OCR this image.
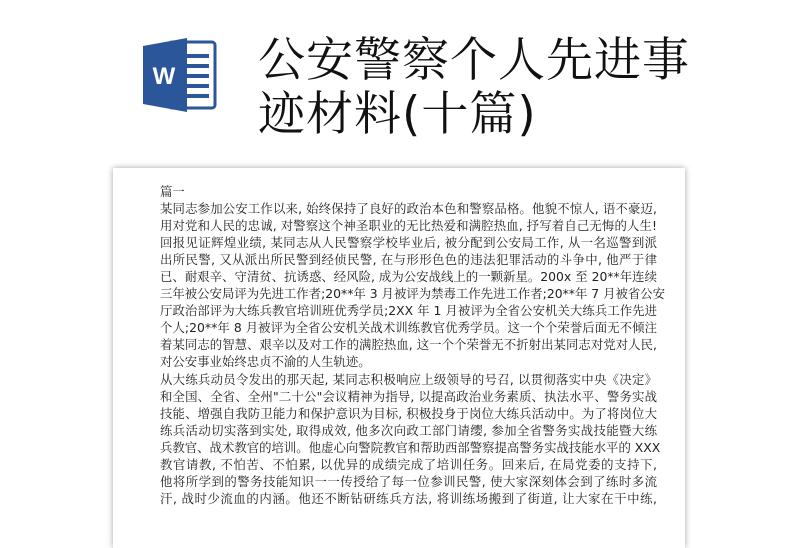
W 公安警察个人先进事
迹材料(十篇)
篇一
某同志参加公安工作以来, 始终保持了良好的政治本色和警察品格。他貌不惊人, 语不豪迈,
用对党和人民的忠诚, 对警察这个神圣职业的无比热爱和满腔热血, 抒写着自己无悔的人生!
回报见证辉煌业绩, 某同志从人民警察学校毕业后, 被分配到公安局工作, 从一名巡警到派
出所民警, 又从派出所民警到经侦民警, 在与形形色色的违法犯罪活动的斗争中, 他严于律
已、耐艰辛、守清贫、抗诱惑、经风险, 成为公安战线上的一颗新星。200x 至 20**年连续
三年被公安局评为先进工作者;20**年 3 月被评为禁毒工作先进工作者;20**年 7 月被省公安
厅政治部评为大练兵教官培训班优秀学员;2XX 年 1 月被评为全省公安机关大练兵工作先进
个人;20**年 8 月被评为全省公安机关战术训练教官优秀学员。这一个个荣誉后面无不倾注
着某同志的智慧、艰辛以及对工作的满腔热血, 这一个个荣誉无不折射出某同志对党对人民,
对公安事业始终忠贞不渝的人生轨迹。
从大练兵动员令发出的那天起, 某同志积极响应上级领导的号召, 以贯彻落实中央《决定》
和全国、全省、全州"二十公"会议精神为指导, 以提高政治业务素质、执法水平、警务实战
技能、增强自我防卫能力和保护意识为目标, 积极投身于岗位大练兵活动中。为了将岗位大
练兵活动切实落到实处, 取得成效, 他多次向政工部门请缨, 参加全省警务实战技能暨大练
兵教官、战术教官的培训。他虚心向警院教官和帮助西部警察提高警务实战技能水平的 XXX
教官请教, 不怕苦、不怕累, 以优异的成绩完成了培训任务。回来后, 在局党委的支持下,
他将所学到的警务技能知识一一传授给了每一位参训民警, 使大家深刻体会到了练时多流
汗, 战时少流血的内涵。他还不断钻研练兵方法, 将训练场搬到了街道, 让大家在干中练,
